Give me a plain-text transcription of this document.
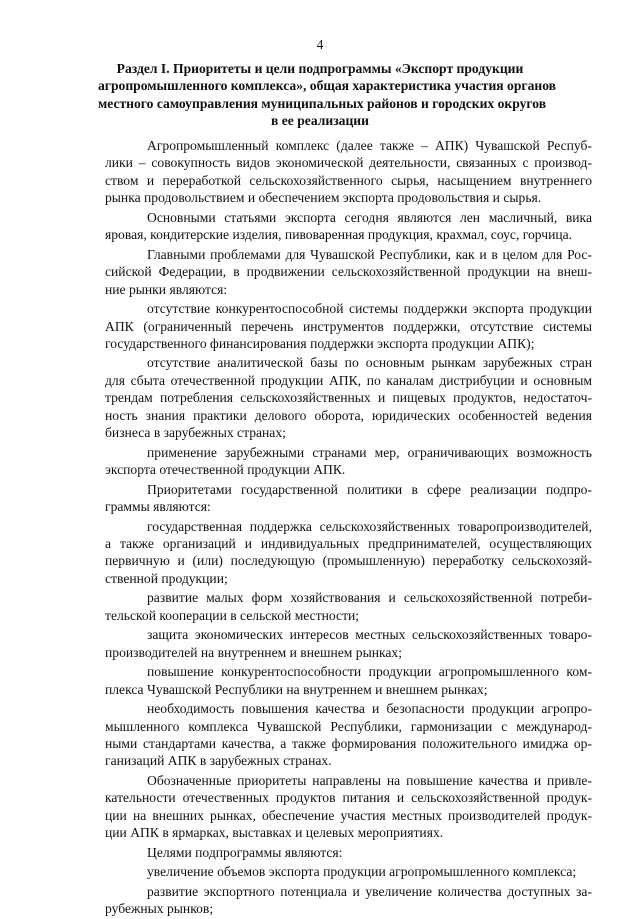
4
Раздел I. Приоритеты и цели подпрограммы «Экспорт продукции
агропромышленного комплекса», общая характеристика участия органов
местного самоуправления муниципальных районов и городских округов
в ее реализации
Агропромышленный комплекс (далее также – АПК) Чувашской Респуб-
лики – совокупность видов экономической деятельности, связанных с производ-
ством и переработкой сельскохозяйственного сырья, насыщением внутреннего
рынка продовольствием и обеспечением экспорта продовольствия и сырья.
Основными статьями экспорта сегодня являются лен масличный, вика
яровая, кондитерские изделия, пивоваренная продукция, крахмал, соус, горчица.
Главными проблемами для Чувашской Республики, как и в целом для Рос-
сийской Федерации, в продвижении сельскохозяйственной продукции на внеш-
ние рынки являются:
отсутствие конкурентоспособной системы поддержки экспорта продукции
АПК (ограниченный перечень инструментов поддержки, отсутствие системы
государственного финансирования поддержки экспорта продукции АПК);
отсутствие аналитической базы по основным рынкам зарубежных стран
для сбыта отечественной продукции АПК, по каналам дистрибуции и основным
трендам потребления сельскохозяйственных и пищевых продуктов, недостаточ-
ность знания практики делового оборота, юридических особенностей ведения
бизнеса в зарубежных странах;
применение зарубежными странами мер, ограничивающих возможность
экспорта отечественной продукции АПК.
Приоритетами государственной политики в сфере реализации подпро-
граммы являются:
государственная поддержка сельскохозяйственных товаропроизводителей,
а также организаций и индивидуальных предпринимателей, осуществляющих
первичную и (или) последующую (промышленную) переработку сельскохозяй-
ственной продукции;
развитие малых форм хозяйствования и сельскохозяйственной потреби-
тельской кооперации в сельской местности;
защита экономических интересов местных сельскохозяйственных товаро-
производителей на внутреннем и внешнем рынках;
повышение конкурентоспособности продукции агропромышленного ком-
плекса Чувашской Республики на внутреннем и внешнем рынках;
необходимость повышения качества и безопасности продукции агропро-
мышленного комплекса Чувашской Республики, гармонизации с международ-
ными стандартами качества, а также формирования положительного имиджа ор-
ганизаций АПК в зарубежных странах.
Обозначенные приоритеты направлены на повышение качества и привле-
кательности отечественных продуктов питания и сельскохозяйственной продук-
ции на внешних рынках, обеспечение участия местных производителей продук-
ции АПК в ярмарках, выставках и целевых мероприятиях.
Целями подпрограммы являются:
увеличение объемов экспорта продукции агропромышленного комплекса;
развитие экспортного потенциала и увеличение количества доступных за-
рубежных рынков;
